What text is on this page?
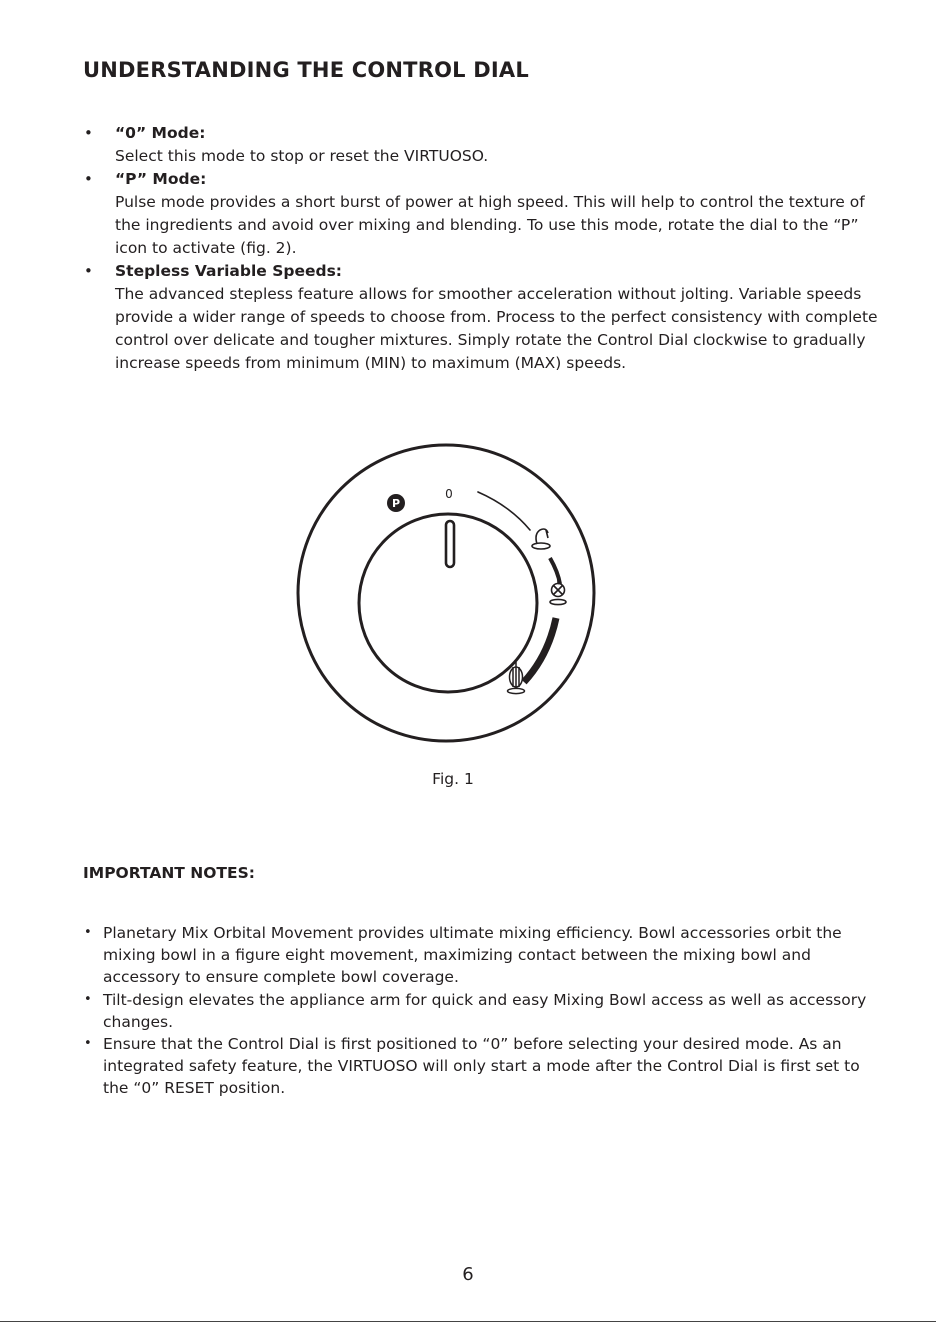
UNDERSTANDING THE CONTROL DIAL
• “0” Mode:
Select this mode to stop or reset the VIRTUOSO.
• “P” Mode:
Pulse mode provides a short burst of power at high speed. This will help to control the texture of the ingredients and avoid over mixing and blending. To use this mode, rotate the dial to the “P” icon to activate (fig. 2).
• Stepless Variable Speeds:
The advanced stepless feature allows for smoother acceleration without jolting. Variable speeds provide a wider range of speeds to choose from. Process to the perfect consistency with complete control over delicate and tougher mixtures. Simply rotate the Control Dial clockwise to gradually increase speeds from minimum (MIN) to maximum (MAX) speeds.
P
0
Fig. 1
IMPORTANT NOTES:
• Planetary Mix Orbital Movement provides ultimate mixing efficiency. Bowl accessories orbit the mixing bowl in a figure eight movement, maximizing contact between the mixing bowl and accessory to ensure complete bowl coverage.
• Tilt-design elevates the appliance arm for quick and easy Mixing Bowl access as well as accessory changes.
• Ensure that the Control Dial is first positioned to “0” before selecting your desired mode. As an integrated safety feature, the VIRTUOSO will only start a mode after the Control Dial is first set to the “0” RESET position.
6
